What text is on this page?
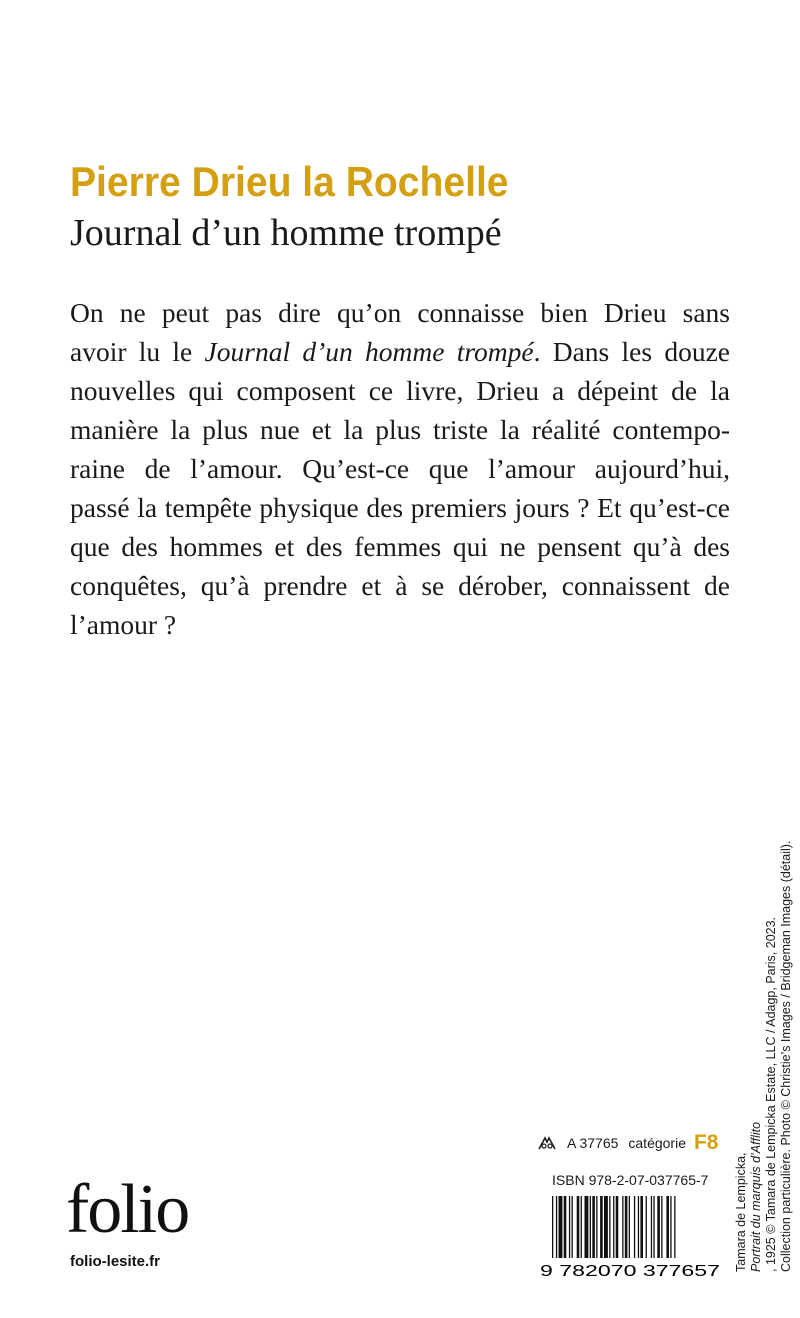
Pierre Drieu la Rochelle
Journal d’un homme trompé
On ne peut pas dire qu’on connaisse bien Drieu sans
avoir lu le Journal d’un homme trompé. Dans les douze
nouvelles qui composent ce livre, Drieu a dépeint de la
manière la plus nue et la plus triste la réalité contempo-
raine de l’amour. Qu’est-ce que l’amour aujourd’hui,
passé la tempête physique des premiers jours ? Et qu’est-ce
que des hommes et des femmes qui ne pensent qu’à des
conquêtes, qu’à prendre et à se dérober, connaissent de
l’amour ?
Tamara de Lempicka, Portrait du marquis d’Afflito , 1925 © Tamara de Lempicka Estate, LLC / Adagp, Paris, 2023. Collection particulière. Photo © Christie’s Images / Bridgeman Images (détail).
folio
folio-lesite.fr
A 37765 catégorie F8
ISBN 978-2-07-037765-7
9 782070 377657
